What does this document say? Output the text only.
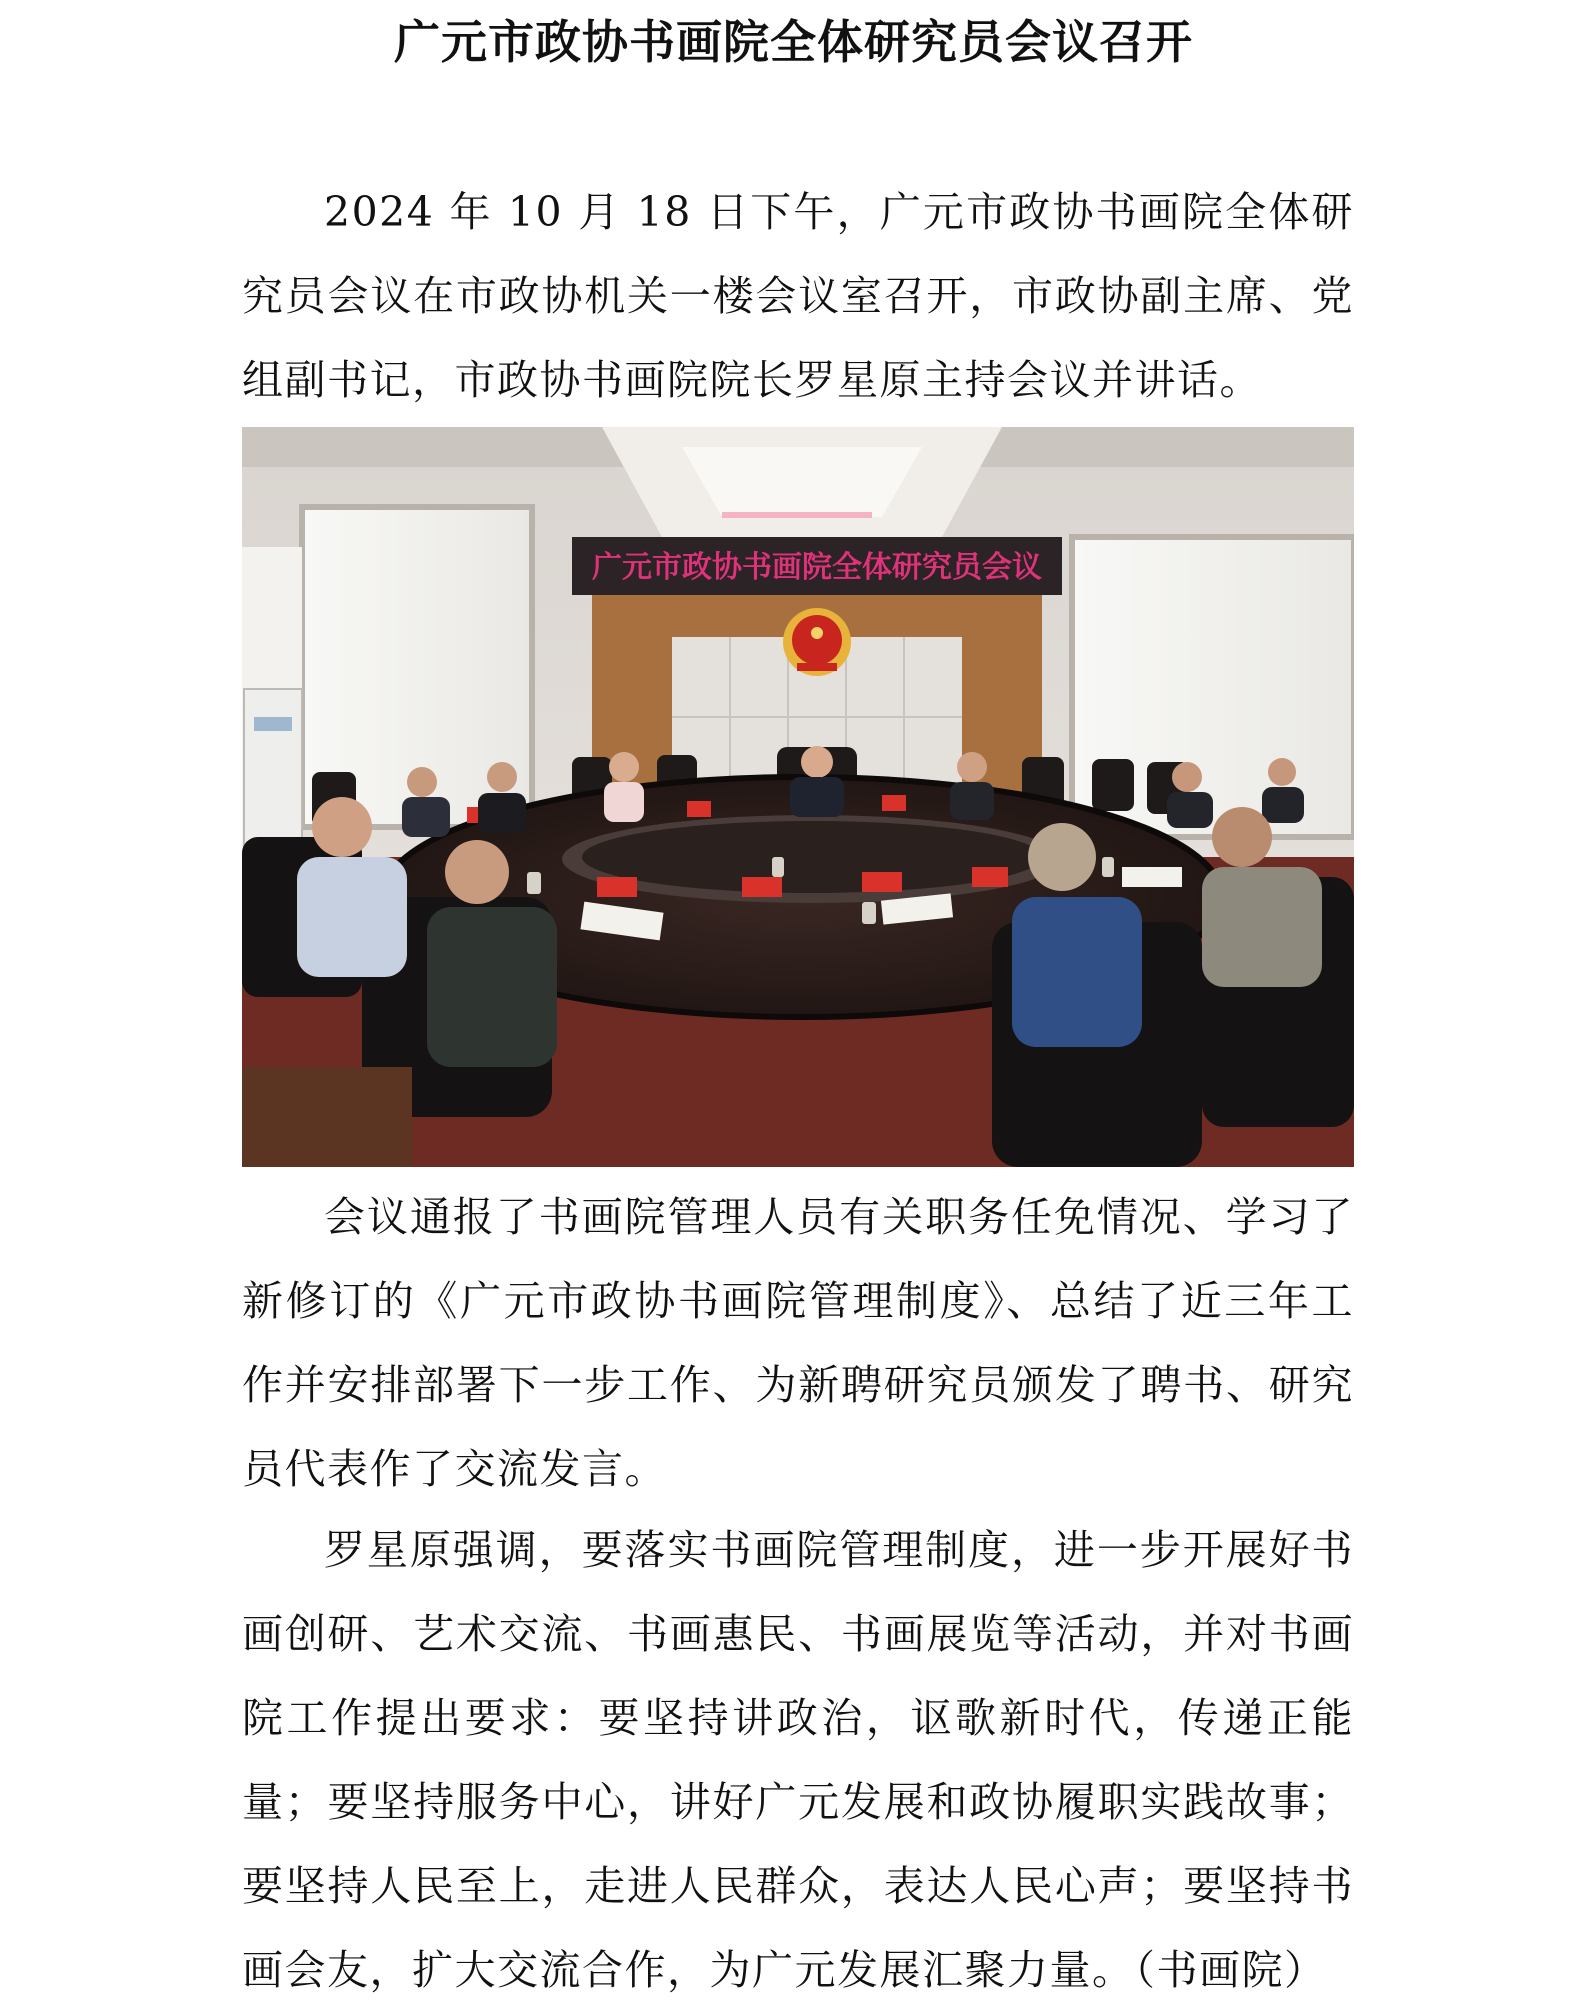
广元市政协书画院全体研究员会议召开

2024 年 10 月 18 日下午，广元市政协书画院全体研究员会议在市政协机关一楼会议室召开，市政协副主席、党组副书记，市政协书画院院长罗星原主持会议并讲话。

广元市政协书画院全体研究员会议

会议通报了书画院管理人员有关职务任免情况、学习了新修订的《广元市政协书画院管理制度》、总结了近三年工作并安排部署下一步工作、为新聘研究员颁发了聘书、研究员代表作了交流发言。

罗星原强调，要落实书画院管理制度，进一步开展好书画创研、艺术交流、书画惠民、书画展览等活动，并对书画院工作提出要求：要坚持讲政治，讴歌新时代，传递正能量；要坚持服务中心，讲好广元发展和政协履职实践故事；要坚持人民至上，走进人民群众，表达人民心声；要坚持书画会友，扩大交流合作，为广元发展汇聚力量。（书画院）
